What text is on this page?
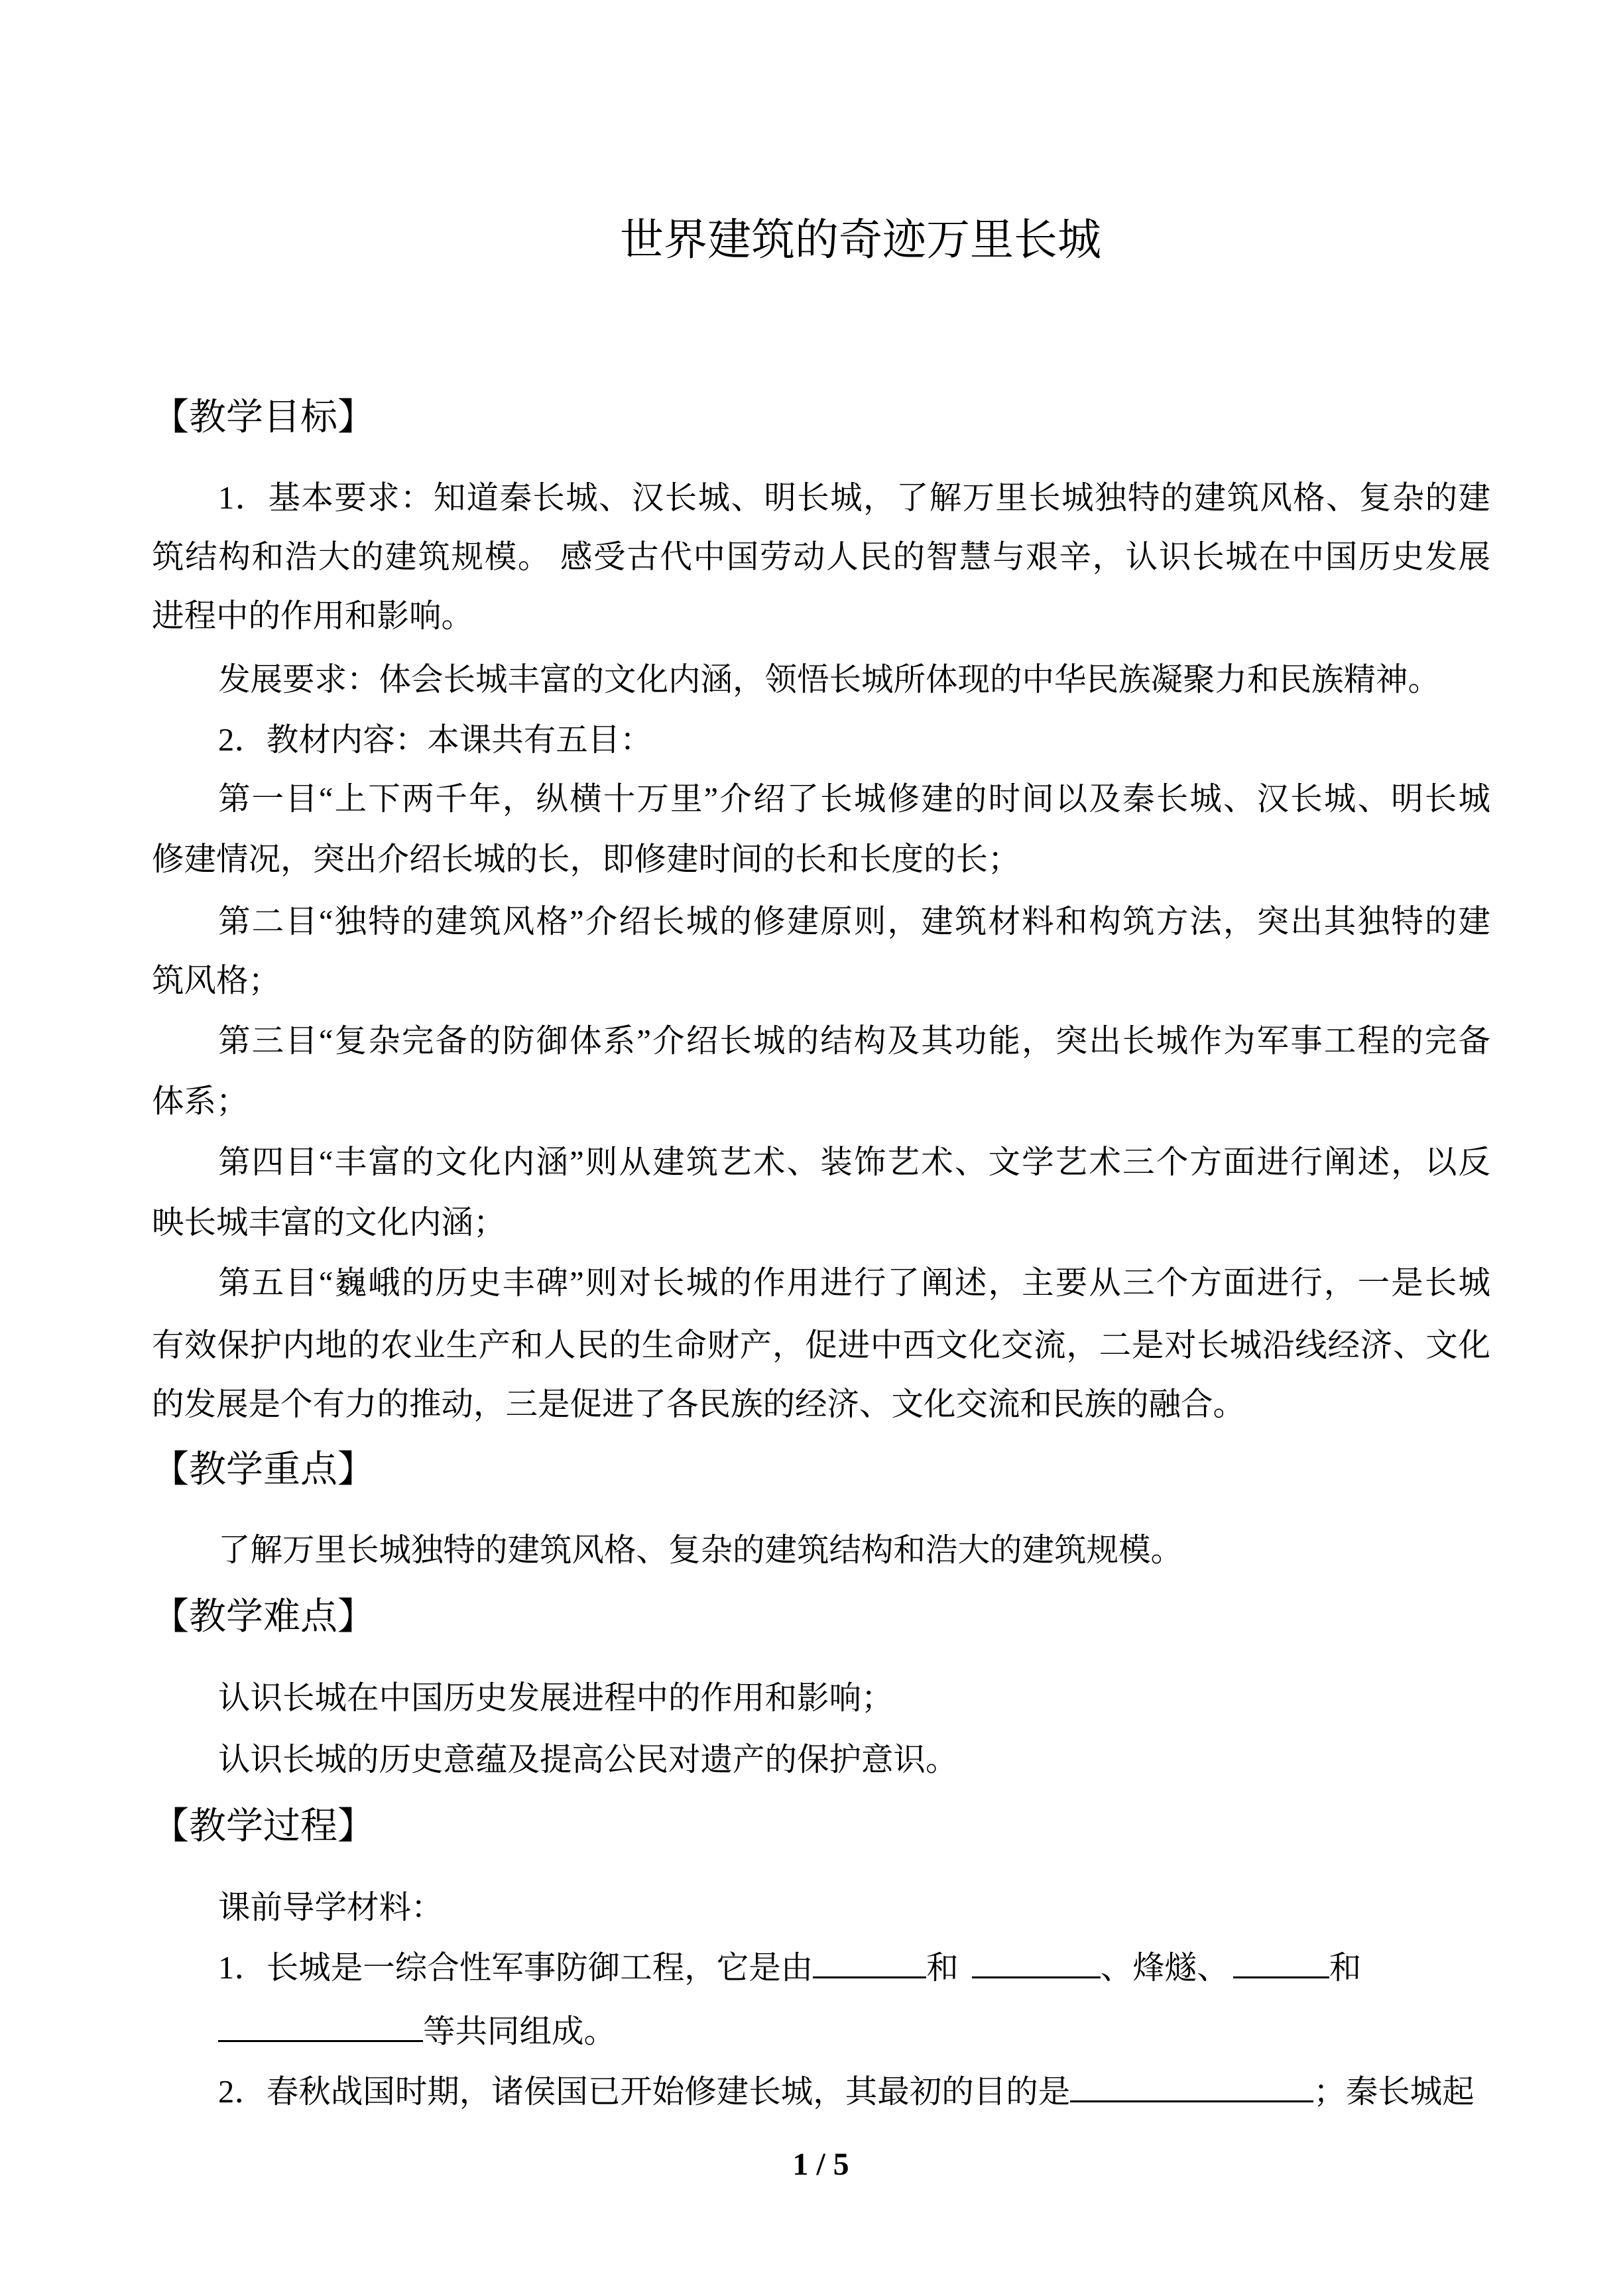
世界建筑的奇迹万里长城
【教学目标】

1．基本要求：知道秦长城、汉长城、明长城，了解万里长城独特的建筑风格、复杂的建

筑结构和浩大的建筑规模。 感受古代中国劳动人民的智慧与艰辛，认识长城在中国历史发展

进程中的作用和影响。

发展要求：体会长城丰富的文化内涵，领悟长城所体现的中华民族凝聚力和民族精神。

2．教材内容：本课共有五目：

第一目“上下两千年，纵横十万里”介绍了长城修建的时间以及秦长城、汉长城、明长城

修建情况，突出介绍长城的长，即修建时间的长和长度的长；

第二目“独特的建筑风格”介绍长城的修建原则，建筑材料和构筑方法，突出其独特的建

筑风格；

第三目“复杂完备的防御体系”介绍长城的结构及其功能，突出长城作为军事工程的完备

体系；

第四目“丰富的文化内涵”则从建筑艺术、装饰艺术、文学艺术三个方面进行阐述，以反

映长城丰富的文化内涵；

第五目“巍峨的历史丰碑”则对长城的作用进行了阐述，主要从三个方面进行，一是长城

有效保护内地的农业生产和人民的生命财产，促进中西文化交流，二是对长城沿线经济、文化

的发展是个有力的推动，三是促进了各民族的经济、文化交流和民族的融合。

【教学重点】

了解万里长城独特的建筑风格、复杂的建筑结构和浩大的建筑规模。

【教学难点】

认识长城在中国历史发展进程中的作用和影响；

认识长城的历史意蕴及提高公民对遗产的保护意识。

【教学过程】

课前导学材料：

1．长城是一综合性军事防御工程，它是由	和	、烽燧、	和

等共同组成。

2．春秋战国时期，诸侯国已开始修建长城，其最初的目的是	；秦长城起

1 / 5
